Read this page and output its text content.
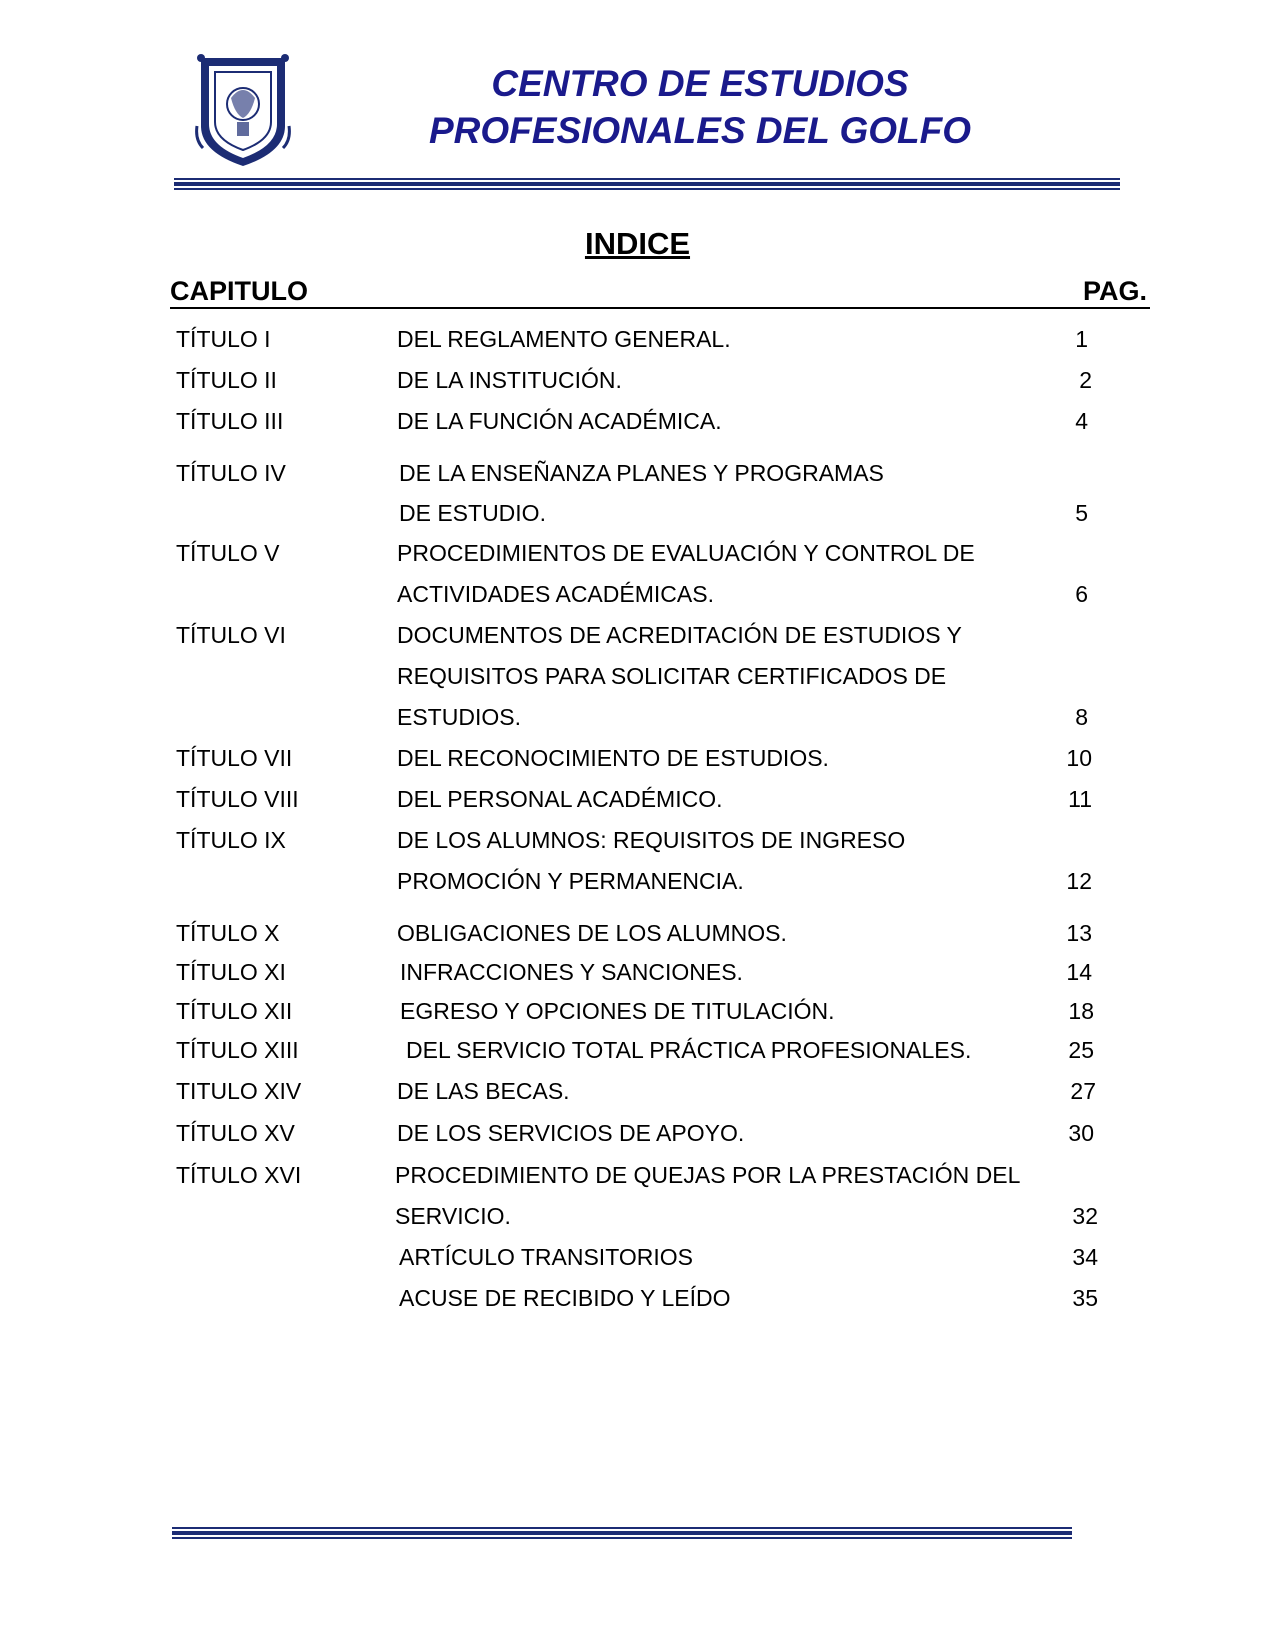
CENTRO DE ESTUDIOS
PROFESIONALES DEL GOLFO
INDICE
CAPITULO	PAG.
TÍTULO I	DEL REGLAMENTO GENERAL.	1
TÍTULO II	DE LA INSTITUCIÓN.	2
TÍTULO III	DE LA FUNCIÓN ACADÉMICA.	4
TÍTULO IV	DE LA ENSEÑANZA PLANES Y PROGRAMAS
DE ESTUDIO.	5
TÍTULO V	PROCEDIMIENTOS DE EVALUACIÓN Y CONTROL DE
ACTIVIDADES ACADÉMICAS.	6
TÍTULO VI	DOCUMENTOS DE ACREDITACIÓN DE ESTUDIOS Y
REQUISITOS PARA SOLICITAR CERTIFICADOS DE
ESTUDIOS.	8
TÍTULO VII	DEL RECONOCIMIENTO DE ESTUDIOS.	10
TÍTULO VIII	DEL PERSONAL ACADÉMICO.	11
TÍTULO IX	DE LOS ALUMNOS: REQUISITOS DE INGRESO
PROMOCIÓN Y PERMANENCIA.	12
TÍTULO X	OBLIGACIONES DE LOS ALUMNOS.	13
TÍTULO XI	INFRACCIONES Y SANCIONES.	14
TÍTULO XII	EGRESO Y OPCIONES DE TITULACIÓN.	18
TÍTULO XIII	DEL SERVICIO TOTAL PRÁCTICA PROFESIONALES.	25
TITULO XIV	DE LAS BECAS.	27
TÍTULO XV	DE LOS SERVICIOS DE APOYO.	30
TÍTULO XVI	PROCEDIMIENTO DE QUEJAS POR LA PRESTACIÓN DEL
SERVICIO.	32
ARTÍCULO TRANSITORIOS	34
ACUSE DE RECIBIDO Y LEÍDO	35
